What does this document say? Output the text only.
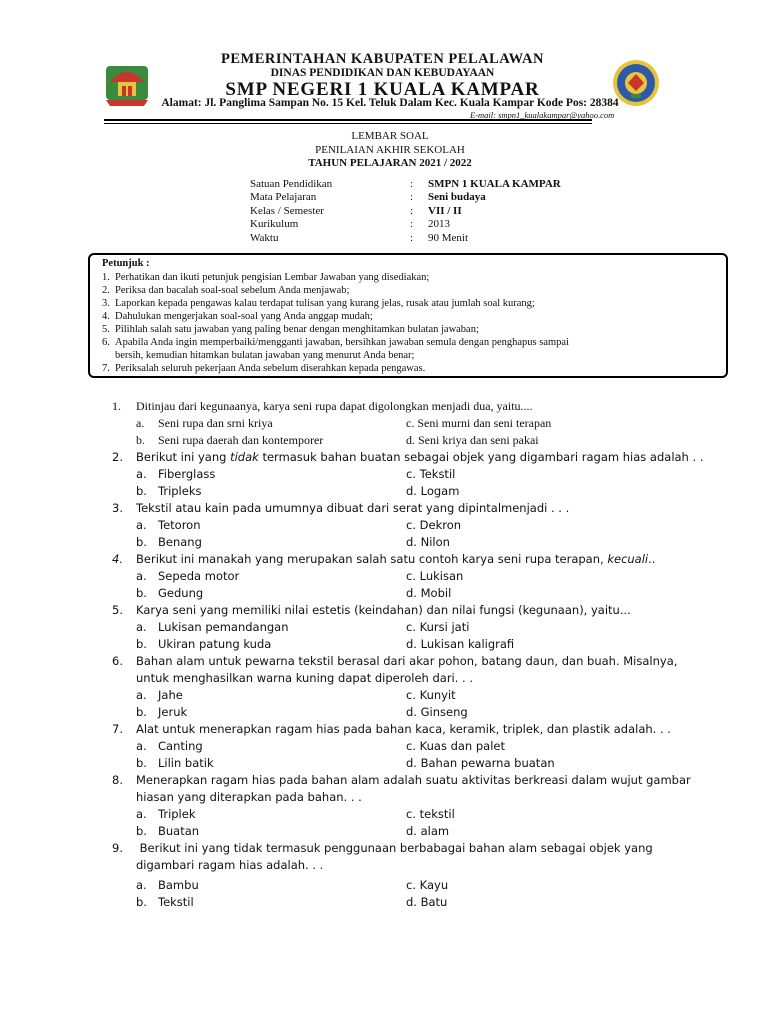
PEMERINTAHAN KABUPATEN PELALAWAN
DINAS PENDIDIKAN DAN KEBUDAYAAN
SMP NEGERI 1 KUALA KAMPAR
Alamat: Jl. Panglima Sampan No. 15 Kel. Teluk Dalam Kec. Kuala Kampar Kode Pos: 28384
E-mail: smpn1_kualakampar@yahoo.com
LEMBAR SOAL
PENILAIAN AKHIR SEKOLAH
TAHUN PELAJARAN 2021 / 2022
Satuan Pendidikan	: SMPN 1 KUALA KAMPAR
Mata Pelajaran	: Seni budaya
Kelas / Semester	: VII / II
Kurikulum	: 2013
Waktu	: 90 Menit
Petunjuk :
1. Perhatikan dan ikuti petunjuk pengisian Lembar Jawaban yang disediakan;
2. Periksa dan bacalah soal-soal sebelum Anda menjawab;
3. Laporkan kepada pengawas kalau terdapat tulisan yang kurang jelas, rusak atau jumlah soal kurang;
4. Dahulukan mengerjakan soal-soal yang Anda anggap mudah;
5. Pilihlah salah satu jawaban yang paling benar dengan menghitamkan bulatan jawaban;
6. Apabila Anda ingin memperbaiki/mengganti jawaban, bersihkan jawaban semula dengan penghapus sampai
bersih, kemudian hitamkan bulatan jawaban yang menurut Anda benar;
7. Periksalah seluruh pekerjaan Anda sebelum diserahkan kepada pengawas.
1.	Ditinjau dari kegunaanya, karya seni rupa dapat digolongkan menjadi dua, yaitu....
a. Seni rupa dan srni kriya	c. Seni murni dan seni terapan
b. Seni rupa daerah dan kontemporer	d. Seni kriya dan seni pakai
2.	Berikut ini yang tidak termasuk bahan buatan sebagai objek yang digambari ragam hias adalah . .
a. Fiberglass	c. Tekstil
b. Tripleks	d. Logam
3.	Tekstil atau kain pada umumnya dibuat dari serat yang dipintalmenjadi . . .
a. Tetoron	c. Dekron
b. Benang	d. Nilon
4.	Berikut ini manakah yang merupakan salah satu contoh karya seni rupa terapan, kecuali..
a. Sepeda motor	c. Lukisan
b. Gedung	d. Mobil
5.	Karya seni yang memiliki nilai estetis (keindahan) dan nilai fungsi (kegunaan), yaitu...
a. Lukisan pemandangan	c. Kursi jati
b. Ukiran patung kuda	d. Lukisan kaligrafi
6.	Bahan alam untuk pewarna tekstil berasal dari akar pohon, batang daun, dan buah. Misalnya,
untuk menghasilkan warna kuning dapat diperoleh dari. . .
a. Jahe	c. Kunyit
b. Jeruk	d. Ginseng
7.	Alat untuk menerapkan ragam hias pada bahan kaca, keramik, triplek, dan plastik adalah. . .
a. Canting	c. Kuas dan palet
b. Lilin batik	d. Bahan pewarna buatan
8.	Menerapkan ragam hias pada bahan alam adalah suatu aktivitas berkreasi dalam wujut gambar
hiasan yang diterapkan pada bahan. . .
a. Triplek	c. tekstil
b. Buatan	d. alam
9.	Berikut ini yang tidak termasuk penggunaan berbabagai bahan alam sebagai objek yang
digambari ragam hias adalah. . .
a. Bambu	c. Kayu
b. Tekstil	d. Batu
